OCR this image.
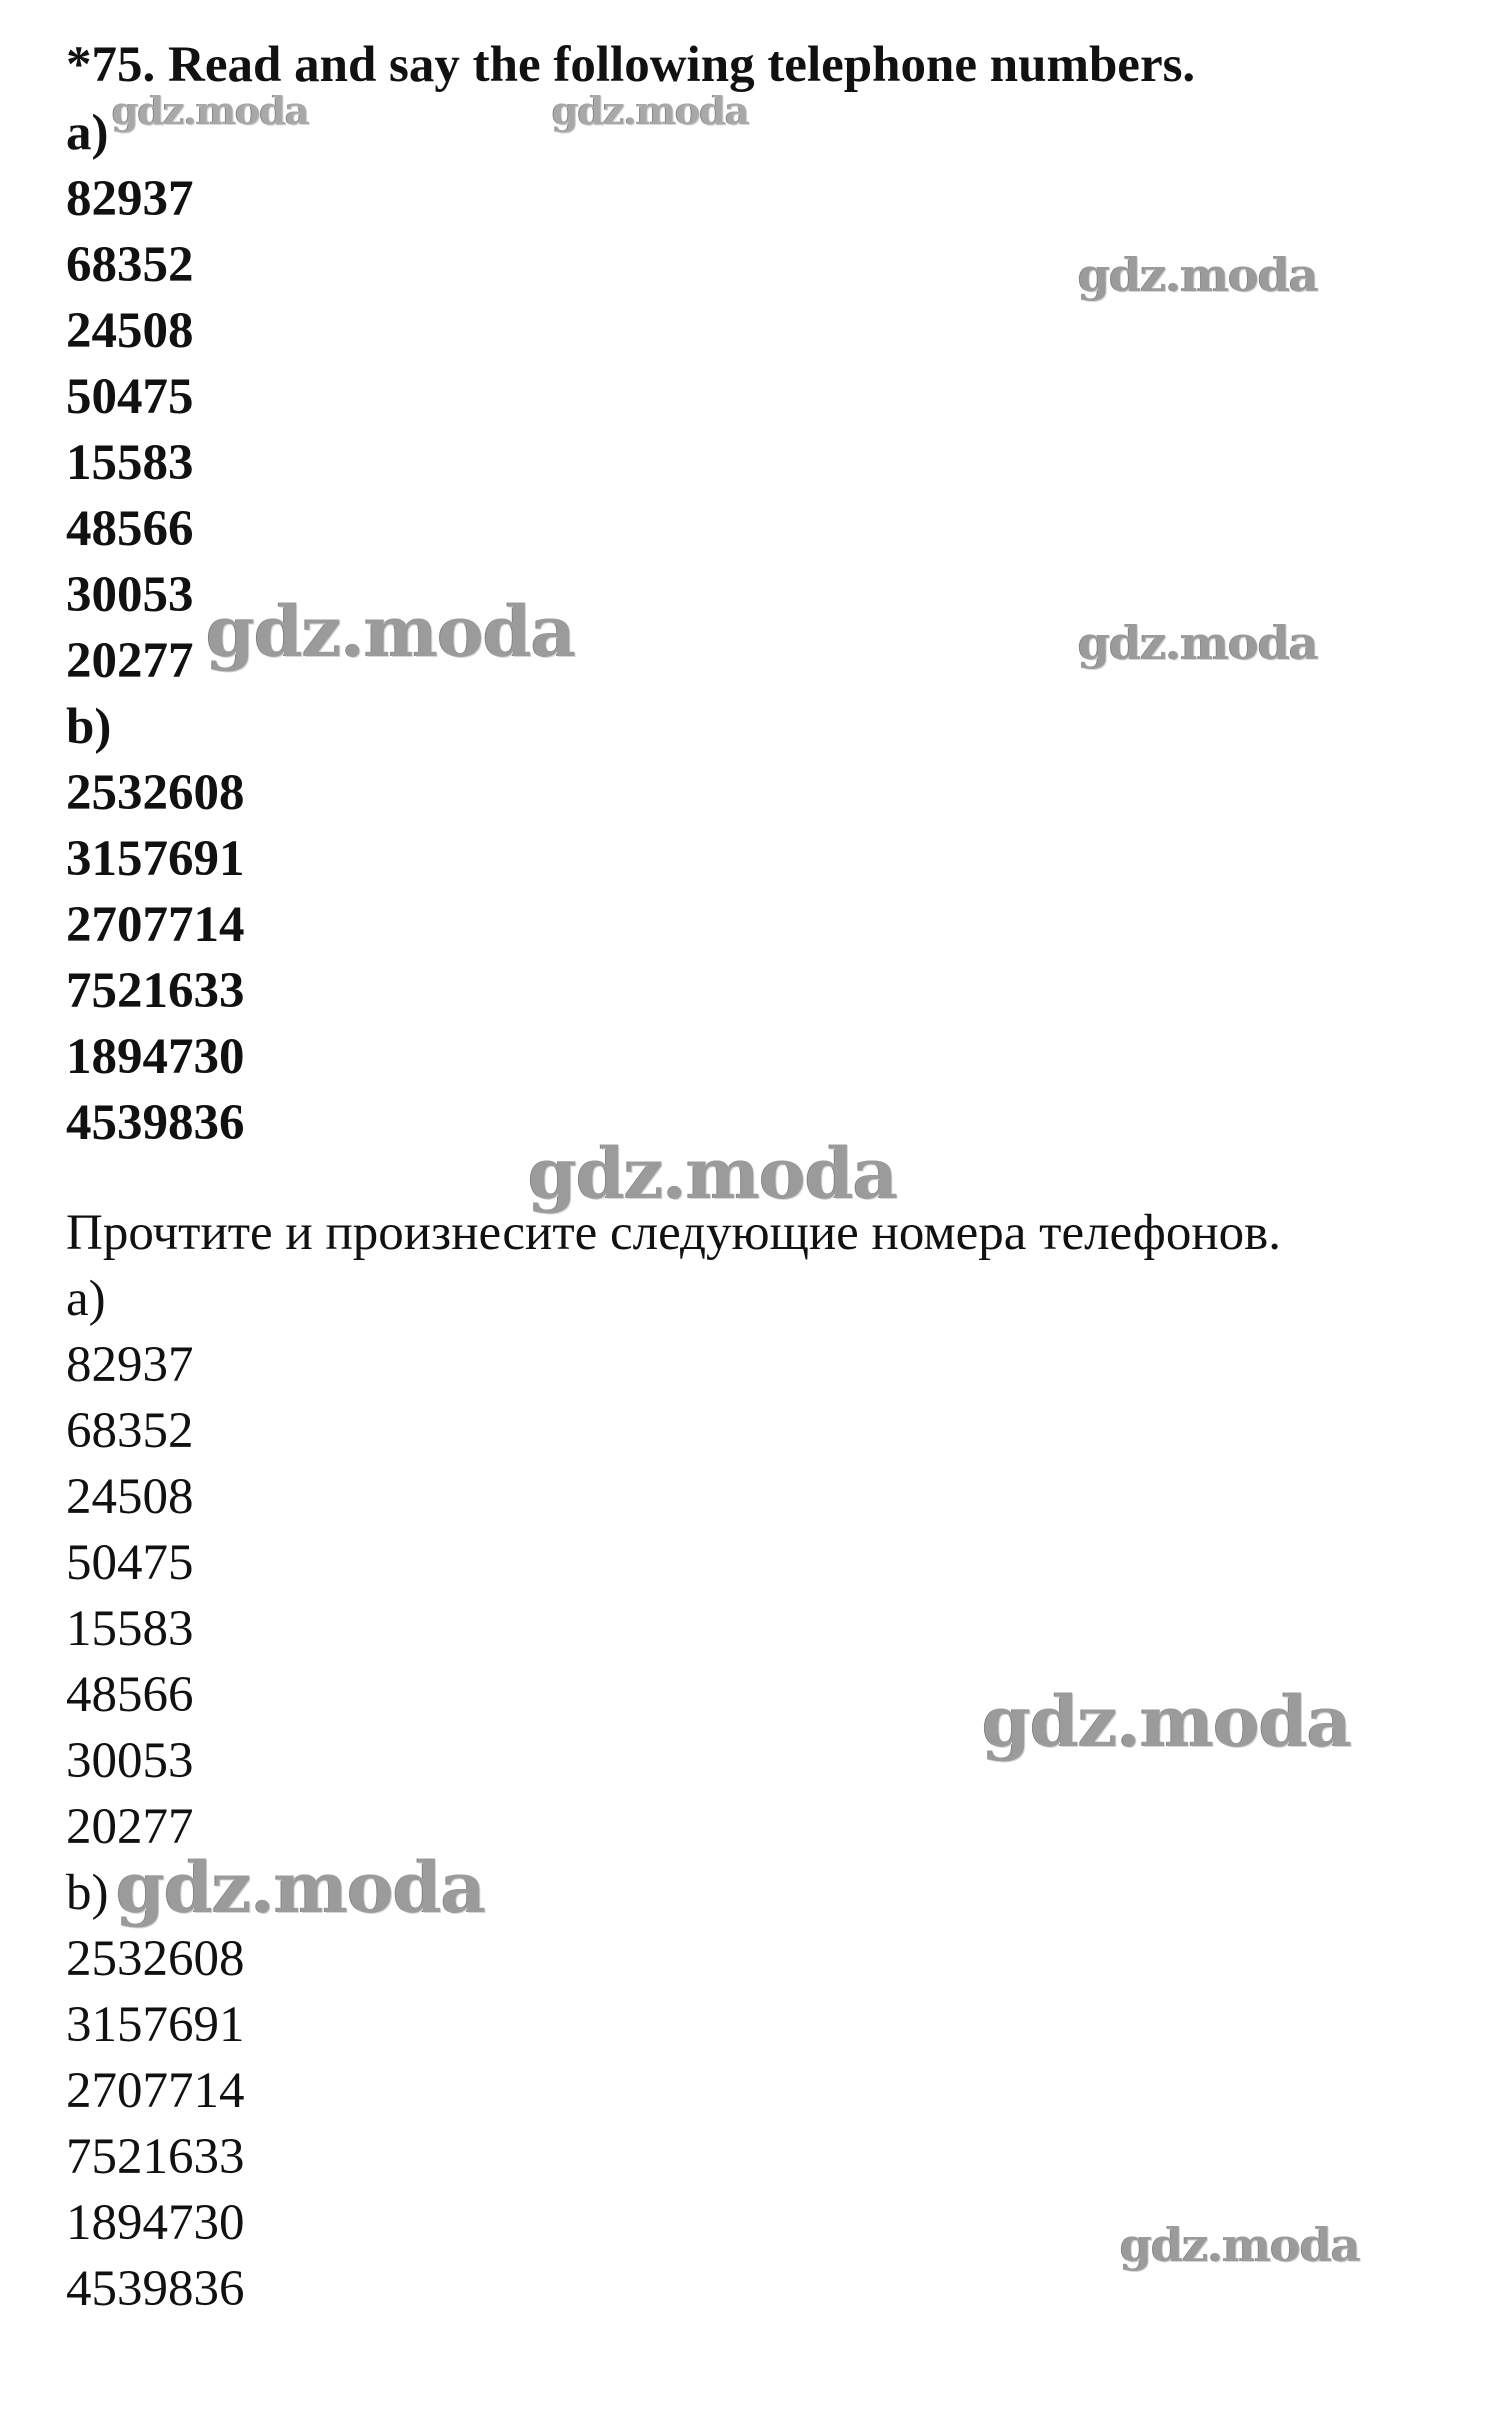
*75. Read and say the following telephone numbers.
a)
82937
68352
24508
50475
15583
48566
30053
20277
b)
2532608
3157691
2707714
7521633
1894730
4539836
Прочтите и произнесите следующие номера телефонов.
a)
82937
68352
24508
50475
15583
48566
30053
20277
b)
2532608
3157691
2707714
7521633
1894730
4539836
gdz.moda	gdz.moda
gdz.moda
gdz.moda	gdz.moda
gdz.moda
gdz.moda
gdz.moda
gdz.moda
